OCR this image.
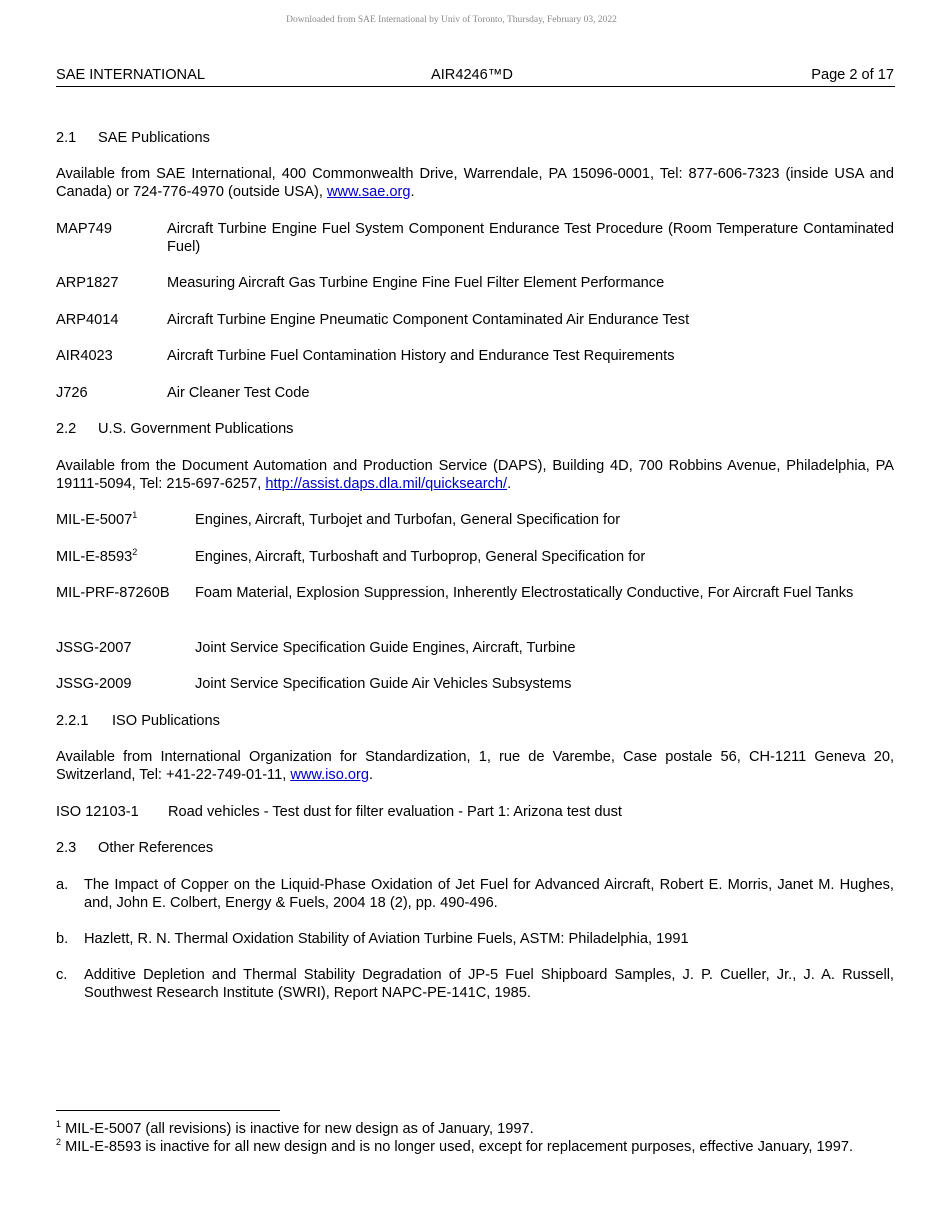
Downloaded from SAE International by Univ of Toronto, Thursday, February 03, 2022
SAE INTERNATIONAL	AIR4246™D	Page 2 of 17
2.1 SAE Publications
Available from SAE International, 400 Commonwealth Drive, Warrendale, PA 15096-0001, Tel: 877-606-7323 (inside USA and Canada) or 724-776-4970 (outside USA), www.sae.org.
MAP749	Aircraft Turbine Engine Fuel System Component Endurance Test Procedure (Room Temperature Contaminated Fuel)
ARP1827	Measuring Aircraft Gas Turbine Engine Fine Fuel Filter Element Performance
ARP4014	Aircraft Turbine Engine Pneumatic Component Contaminated Air Endurance Test
AIR4023	Aircraft Turbine Fuel Contamination History and Endurance Test Requirements
J726	Air Cleaner Test Code
2.2 U.S. Government Publications
Available from the Document Automation and Production Service (DAPS), Building 4D, 700 Robbins Avenue, Philadelphia, PA 19111-5094, Tel: 215-697-6257, http://assist.daps.dla.mil/quicksearch/.
MIL-E-5007$^1$	Engines, Aircraft, Turbojet and Turbofan, General Specification for
MIL-E-8593$^2$	Engines, Aircraft, Turboshaft and Turboprop, General Specification for
MIL-PRF-87260B Foam Material, Explosion Suppression, Inherently Electrostatically Conductive, For Aircraft Fuel Tanks
JSSG-2007	Joint Service Specification Guide Engines, Aircraft, Turbine
JSSG-2009	Joint Service Specification Guide Air Vehicles Subsystems
2.2.1 ISO Publications
Available from International Organization for Standardization, 1, rue de Varembe, Case postale 56, CH-1211 Geneva 20, Switzerland, Tel: +41-22-749-01-11, www.iso.org.
ISO 12103-1 Road vehicles - Test dust for filter evaluation - Part 1: Arizona test dust
2.3 Other References
a. The Impact of Copper on the Liquid-Phase Oxidation of Jet Fuel for Advanced Aircraft, Robert E. Morris, Janet M. Hughes, and, John E. Colbert, Energy & Fuels, 2004 18 (2), pp. 490-496.
b. Hazlett, R. N. Thermal Oxidation Stability of Aviation Turbine Fuels, ASTM: Philadelphia, 1991
c. Additive Depletion and Thermal Stability Degradation of JP-5 Fuel Shipboard Samples, J. P. Cueller, Jr., J. A. Russell, Southwest Research Institute (SWRI), Report NAPC-PE-141C, 1985.
$^1$ MIL-E-5007 (all revisions) is inactive for new design as of January, 1997.
$^2$ MIL-E-8593 is inactive for all new design and is no longer used, except for replacement purposes, effective January, 1997.
